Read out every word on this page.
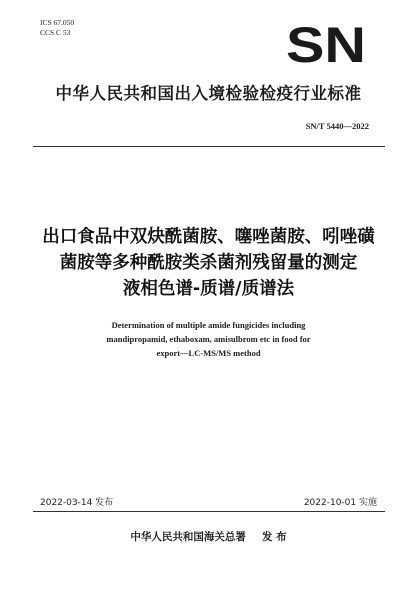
ICS 67.050
CCS C 53	SN
中华人民共和国出入境检验检疫行业标准
SN/T 5440—2022
出口食品中双炔酰菌胺、噻唑菌胺、吲唑磺
菌胺等多种酰胺类杀菌剂残留量的测定
液相色谱-质谱/质谱法
Determination of multiple amide fungicides including
mandipropamid, ethaboxam, amisulbrom etc in food for
export—LC-MS/MS method
2022-03-14 发布	2022-10-01 实施
中华人民共和国海关总署 发 布
